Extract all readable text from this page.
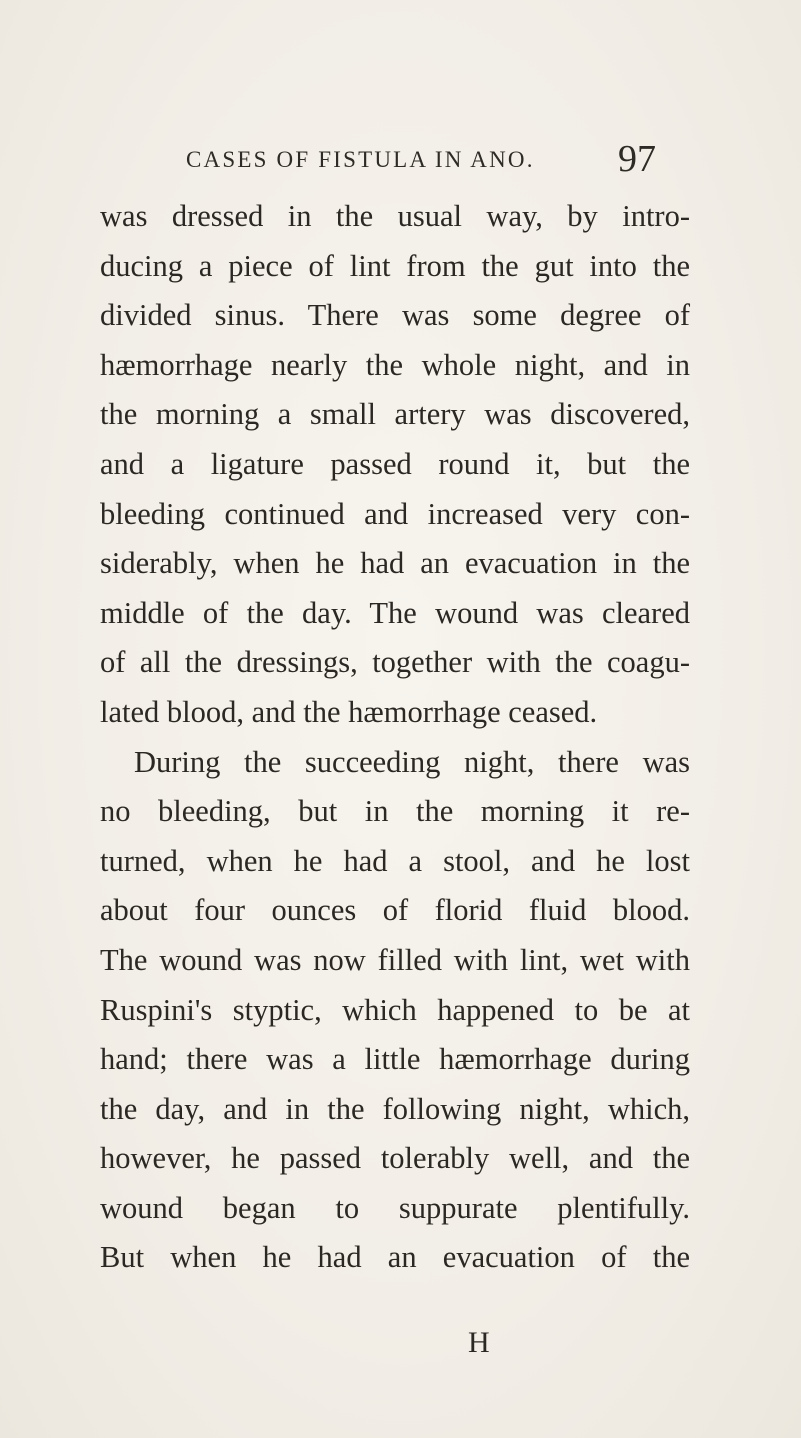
CASES OF FISTULA IN ANO. 97
was dressed in the usual way, by intro-
ducing a piece of lint from the gut into the
divided sinus. There was some degree of
hæmorrhage nearly the whole night, and in
the morning a small artery was discovered,
and a ligature passed round it, but the
bleeding continued and increased very con-
siderably, when he had an evacuation in the
middle of the day. The wound was cleared
of all the dressings, together with the coagu-
lated blood, and the hæmorrhage ceased.
During the succeeding night, there was
no bleeding, but in the morning it re-
turned, when he had a stool, and he lost
about four ounces of florid fluid blood.
The wound was now filled with lint, wet with
Ruspini's styptic, which happened to be at
hand; there was a little hæmorrhage during
the day, and in the following night, which,
however, he passed tolerably well, and the
wound began to suppurate plentifully.
But when he had an evacuation of the
H
